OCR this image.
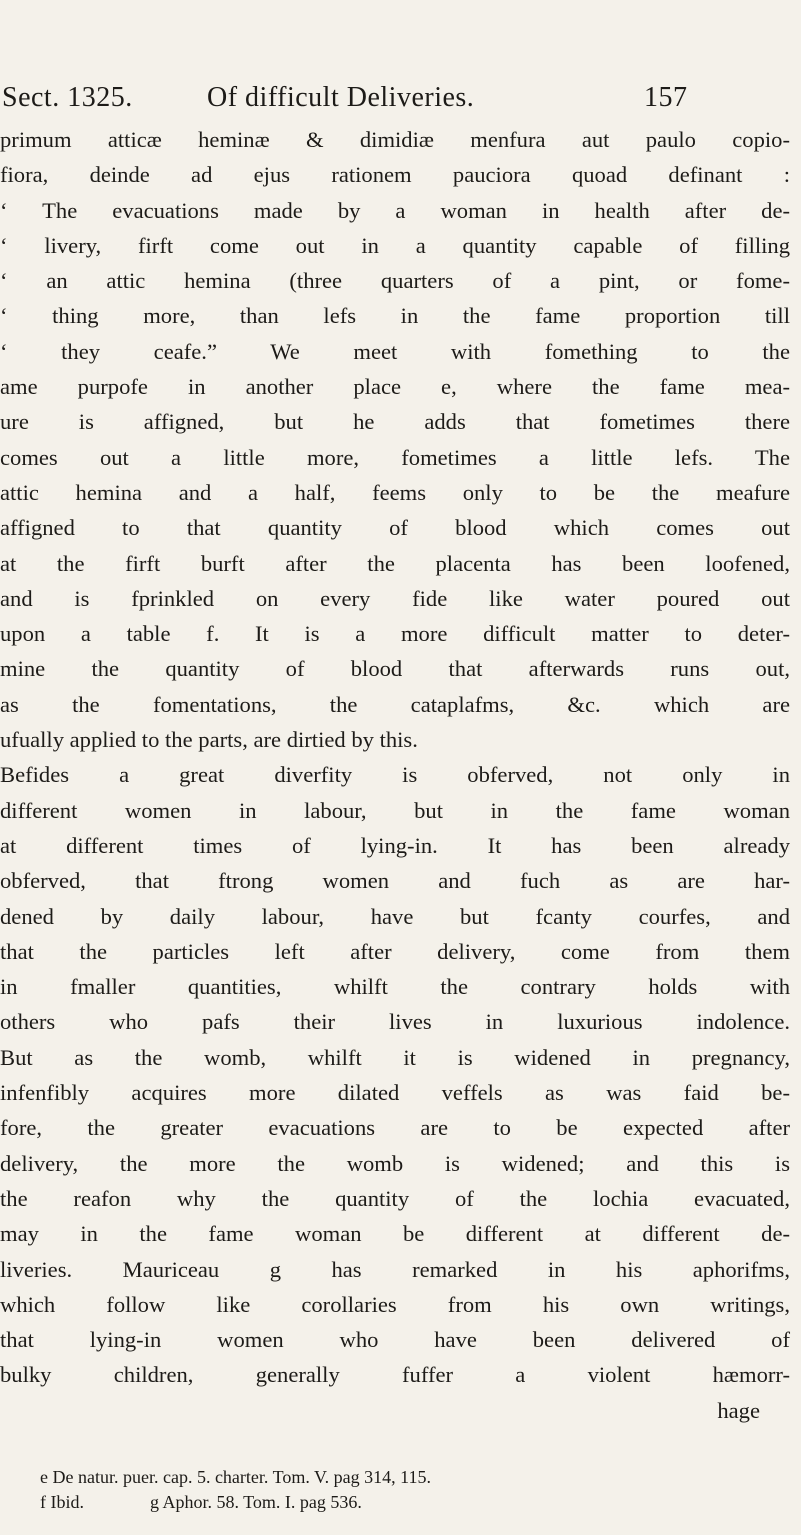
Sect. 1325.	Of difficult Deliveries.	157
primum atticæ heminæ & dimidiæ menfura aut paulo copio-
fiora, deinde ad ejus rationem pauciora quoad definant :
‘ The evacuations made by a woman in health after de-
‘ livery, firft come out in a quantity capable of filling
‘ an attic hemina (three quarters of a pint, or fome-
‘ thing more, than lefs in the fame proportion till
‘ they ceafe.” We meet with fomething to the
ame purpofe in another place e, where the fame mea-
ure is affigned, but he adds that fometimes there
comes out a little more, fometimes a little lefs. The
attic hemina and a half, feems only to be the meafure
affigned to that quantity of blood which comes out
at the firft burft after the placenta has been loofened,
and is fprinkled on every fide like water poured out
upon a table f. It is a more difficult matter to deter-
mine the quantity of blood that afterwards runs out,
as the fomentations, the cataplafms, &c. which are
ufually applied to the parts, are dirtied by this.
Befides a great diverfity is obferved, not only in
different women in labour, but in the fame woman
at different times of lying-in. It has been already
obferved, that ftrong women and fuch as are har-
dened by daily labour, have but fcanty courfes, and
that the particles left after delivery, come from them
in fmaller quantities, whilft the contrary holds with
others who pafs their lives in luxurious indolence.
But as the womb, whilft it is widened in pregnancy,
infenfibly acquires more dilated veffels as was faid be-
fore, the greater evacuations are to be expected after
delivery, the more the womb is widened; and this is
the reafon why the quantity of the lochia evacuated,
may in the fame woman be different at different de-
liveries. Mauriceau g has remarked in his aphorifms,
which follow like corollaries from his own writings,
that lying-in women who have been delivered of
bulky children, generally fuffer a violent hæmorr-
hage
e De natur. puer. cap. 5. charter. Tom. V. pag 314, 115.
f Ibid.	g Aphor. 58. Tom. I. pag 536.
